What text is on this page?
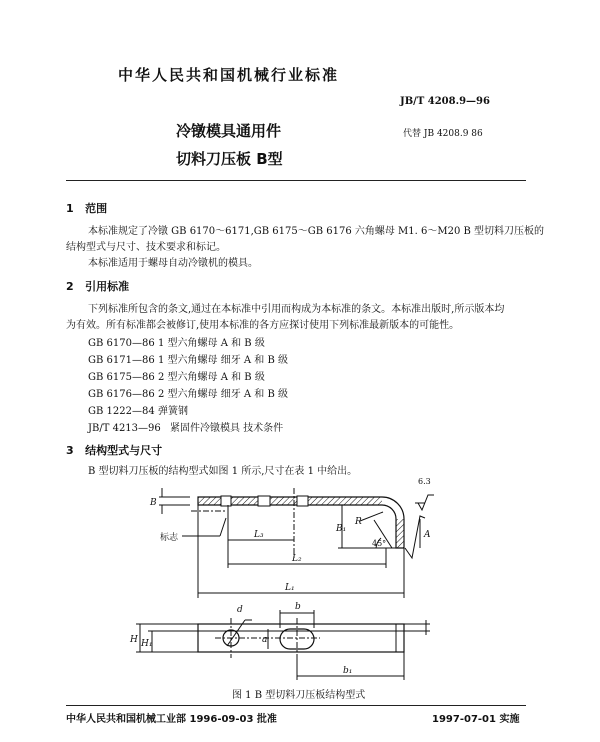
中华人民共和国机械行业标准
JB/T 4208.9—96
冷镦模具通用件
切料刀压板 B型
代替 JB 4208.9 86
1 范围
本标准规定了冷镦 GB 6170～6171,GB 6175～GB 6176 六角螺母 M1. 6～M20 B 型切料刀压板的
结构型式与尺寸、技术要求和标记。
本标准适用于螺母自动冷镦机的模具。
2 引用标准
下列标准所包含的条文,通过在本标准中引用而构成为本标准的条文。本标准出版时,所示版本均
为有效。所有标准都会被修订,使用本标准的各方应探讨使用下列标准最新版本的可能性。
GB 6170—86 1 型六角螺母 A 和 B 级
GB 6171—86 1 型六角螺母 细牙 A 和 B 级
GB 6175—86 2 型六角螺母 A 和 B 级
GB 6176—86 2 型六角螺母 细牙 A 和 B 级
GB 1222—84 弹簧钢
JB/T 4213—96 紧固件冷镦模具 技术条件
3 结构型式与尺寸
B 型切料刀压板的结构型式如图 1 所示,尺寸在表 1 中给出。
B
L₃
L₂
L₁
B₁
R
45°
A
6.3
标志
d	b
a
H H₁
b₁
图 1 B 型切料刀压板结构型式
中华人民共和国机械工业部 1996-09-03 批准	1997-07-01 实施
